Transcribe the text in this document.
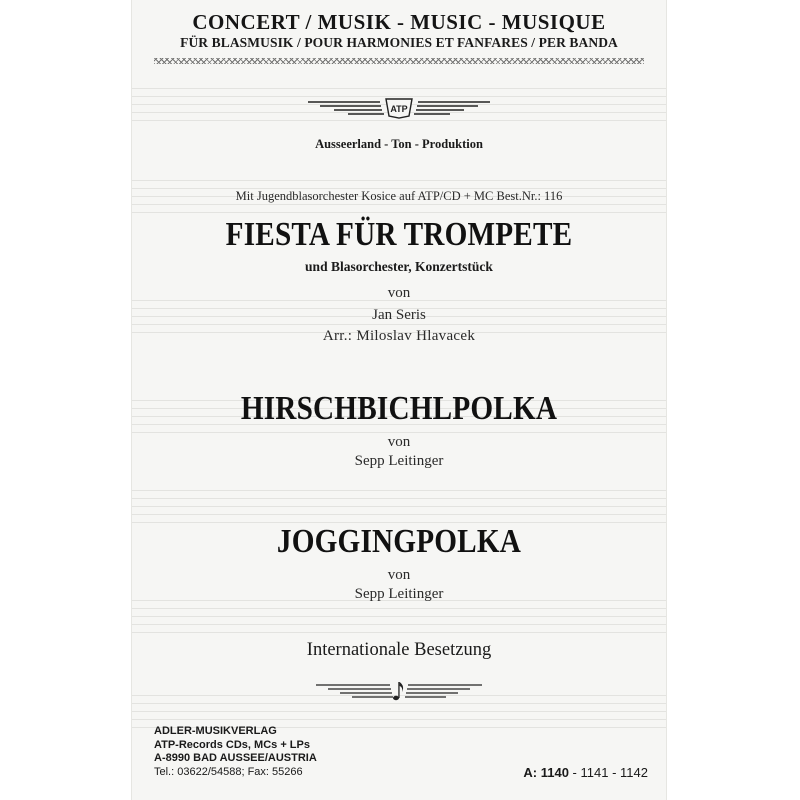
CONCERT / MUSIK - MUSIC - MUSIQUE
FÜR BLASMUSIK / POUR HARMONIES ET FANFARES / PER BANDA
ATP
Ausseerland - Ton - Produktion
Mit Jugendblasorchester Kosice auf ATP/CD + MC Best.Nr.: 116
FIESTA FÜR TROMPETE
und Blasorchester, Konzertstück
von
Jan Seris
Arr.: Miloslav Hlavacek
HIRSCHBICHLPOLKA
von
Sepp Leitinger
JOGGINGPOLKA
von
Sepp Leitinger
Internationale Besetzung
ADLER-MUSIKVERLAG
ATP-Records CDs, MCs + LPs
A-8990 BAD AUSSEE/AUSTRIA
Tel.: 03622/54588; Fax: 55266	A: 1140 - 1141 - 1142
